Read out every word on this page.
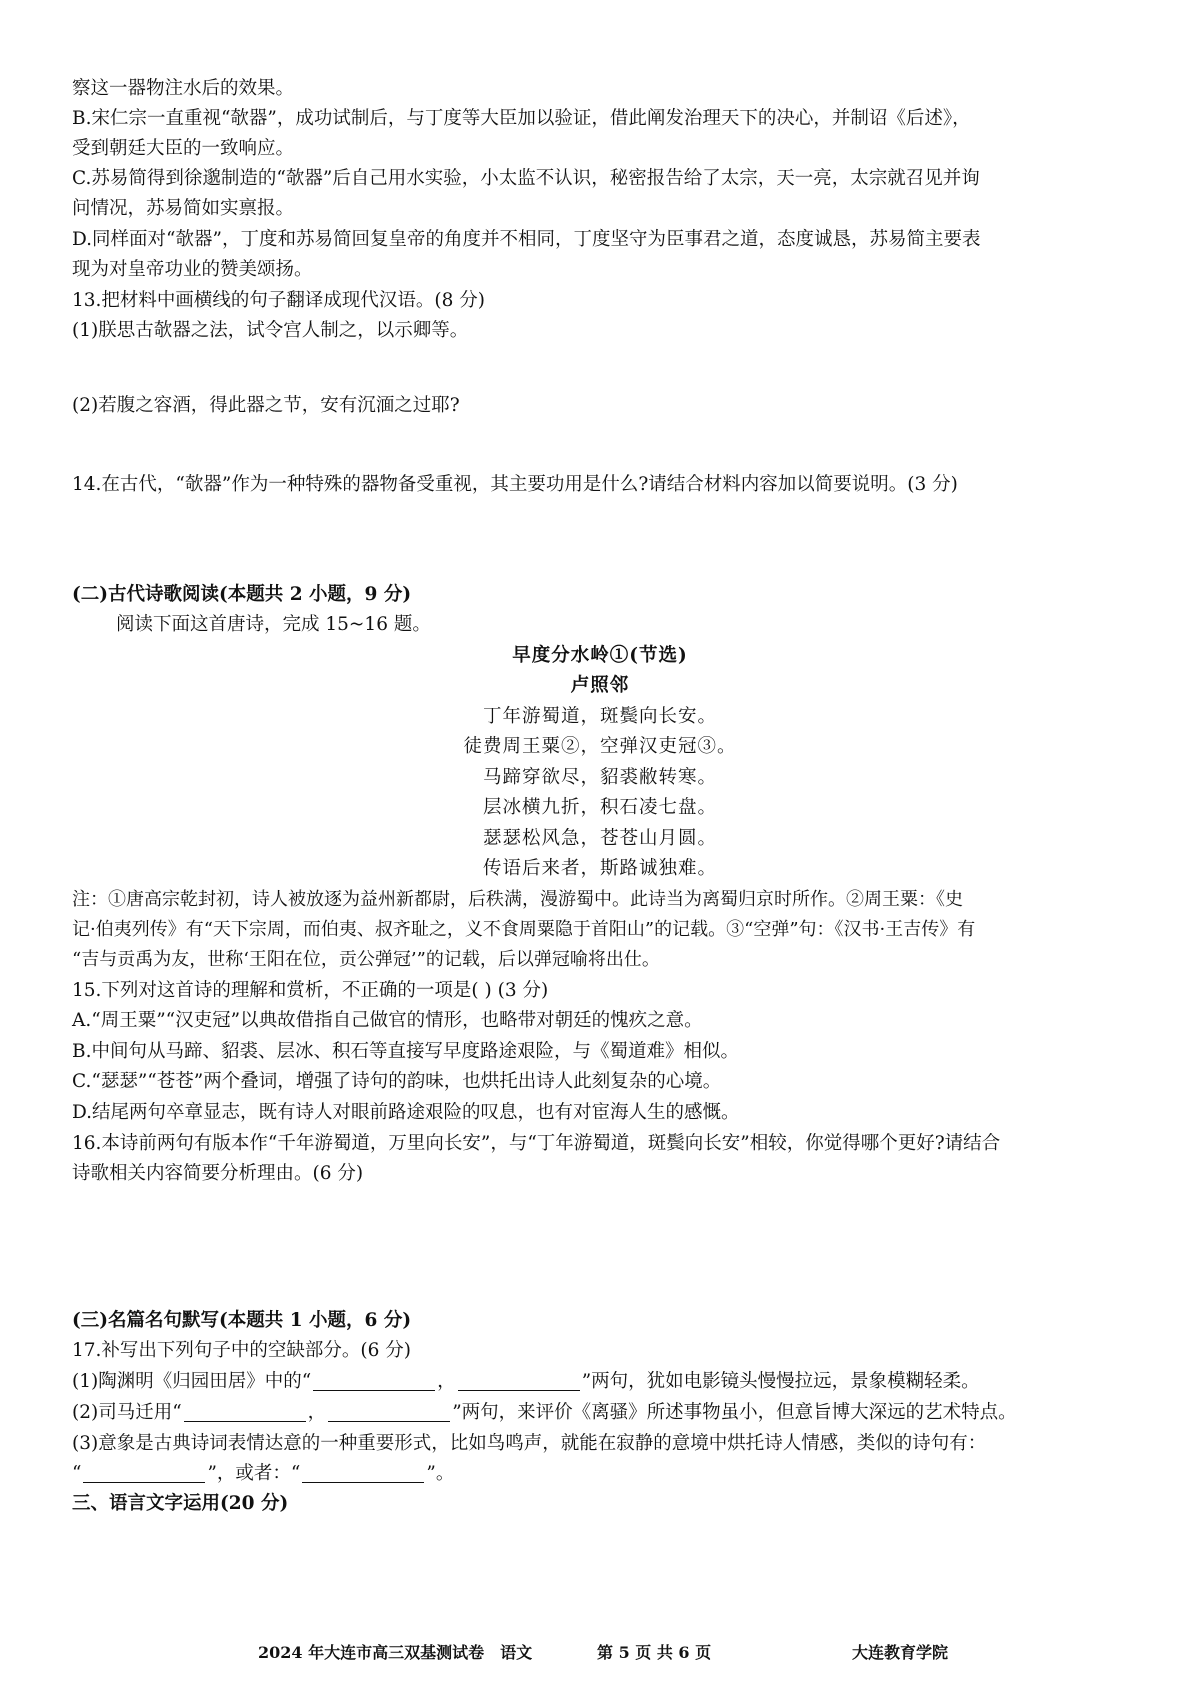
察这一器物注水后的效果。
B.宋仁宗一直重视“欹器”，成功试制后，与丁度等大臣加以验证，借此阐发治理天下的决心，并制诏《后述》，
受到朝廷大臣的一致响应。
C.苏易简得到徐邈制造的“欹器”后自己用水实验，小太监不认识，秘密报告给了太宗，天一亮，太宗就召见并询
问情况，苏易简如实禀报。
D.同样面对“欹器”，丁度和苏易简回复皇帝的角度并不相同，丁度坚守为臣事君之道，态度诚恳，苏易简主要表
现为对皇帝功业的赞美颂扬。
13.把材料中画横线的句子翻译成现代汉语。(8 分)
(1)朕思古欹器之法，试令宫人制之，以示卿等。
(2)若腹之容酒，得此器之节，安有沉湎之过耶?
14.在古代，“欹器”作为一种特殊的器物备受重视，其主要功用是什么?请结合材料内容加以简要说明。(3 分)
(二)古代诗歌阅读(本题共 2 小题，9 分)
阅读下面这首唐诗，完成 15~16 题。
早度分水岭①(节选)
卢照邻
丁年游蜀道，斑鬓向长安。
徒费周王粟②，空弹汉吏冠③。
马蹄穿欲尽，貂裘敝转寒。
层冰横九折，积石凌七盘。
瑟瑟松风急，苍苍山月圆。
传语后来者，斯路诚独难。
注：①唐高宗乾封初，诗人被放逐为益州新都尉，后秩满，漫游蜀中。此诗当为离蜀归京时所作。②周王粟：《史
记·伯夷列传》有“天下宗周，而伯夷、叔齐耻之，义不食周粟隐于首阳山”的记载。③“空弹”句：《汉书·王吉传》有
“吉与贡禹为友，世称‘王阳在位，贡公弹冠’”的记载，后以弹冠喻将出仕。
15.下列对这首诗的理解和赏析，不正确的一项是( ) (3 分)
A.“周王粟”“汉吏冠”以典故借指自己做官的情形，也略带对朝廷的愧疚之意。
B.中间句从马蹄、貂裘、层冰、积石等直接写早度路途艰险，与《蜀道难》相似。
C.“瑟瑟”“苍苍”两个叠词，增强了诗句的韵味，也烘托出诗人此刻复杂的心境。
D.结尾两句卒章显志，既有诗人对眼前路途艰险的叹息，也有对宦海人生的感慨。
16.本诗前两句有版本作“千年游蜀道，万里向长安”，与“丁年游蜀道，斑鬓向长安”相较，你觉得哪个更好?请结合
诗歌相关内容简要分析理由。(6 分)
(三)名篇名句默写(本题共 1 小题，6 分)
17.补写出下列句子中的空缺部分。(6 分)
(1)陶渊明《归园田居》中的“	，	”两句，犹如电影镜头慢慢拉远，景象模糊轻柔。
(2)司马迁用“	，	”两句，来评价《离骚》所述事物虽小，但意旨博大深远的艺术特点。
(3)意象是古典诗词表情达意的一种重要形式，比如鸟鸣声，就能在寂静的意境中烘托诗人情感，类似的诗句有：
“	”，或者：“	”。
三、语言文字运用(20 分)
2024 年大连市高三双基测试卷　语文	第 5 页 共 6 页	大连教育学院
